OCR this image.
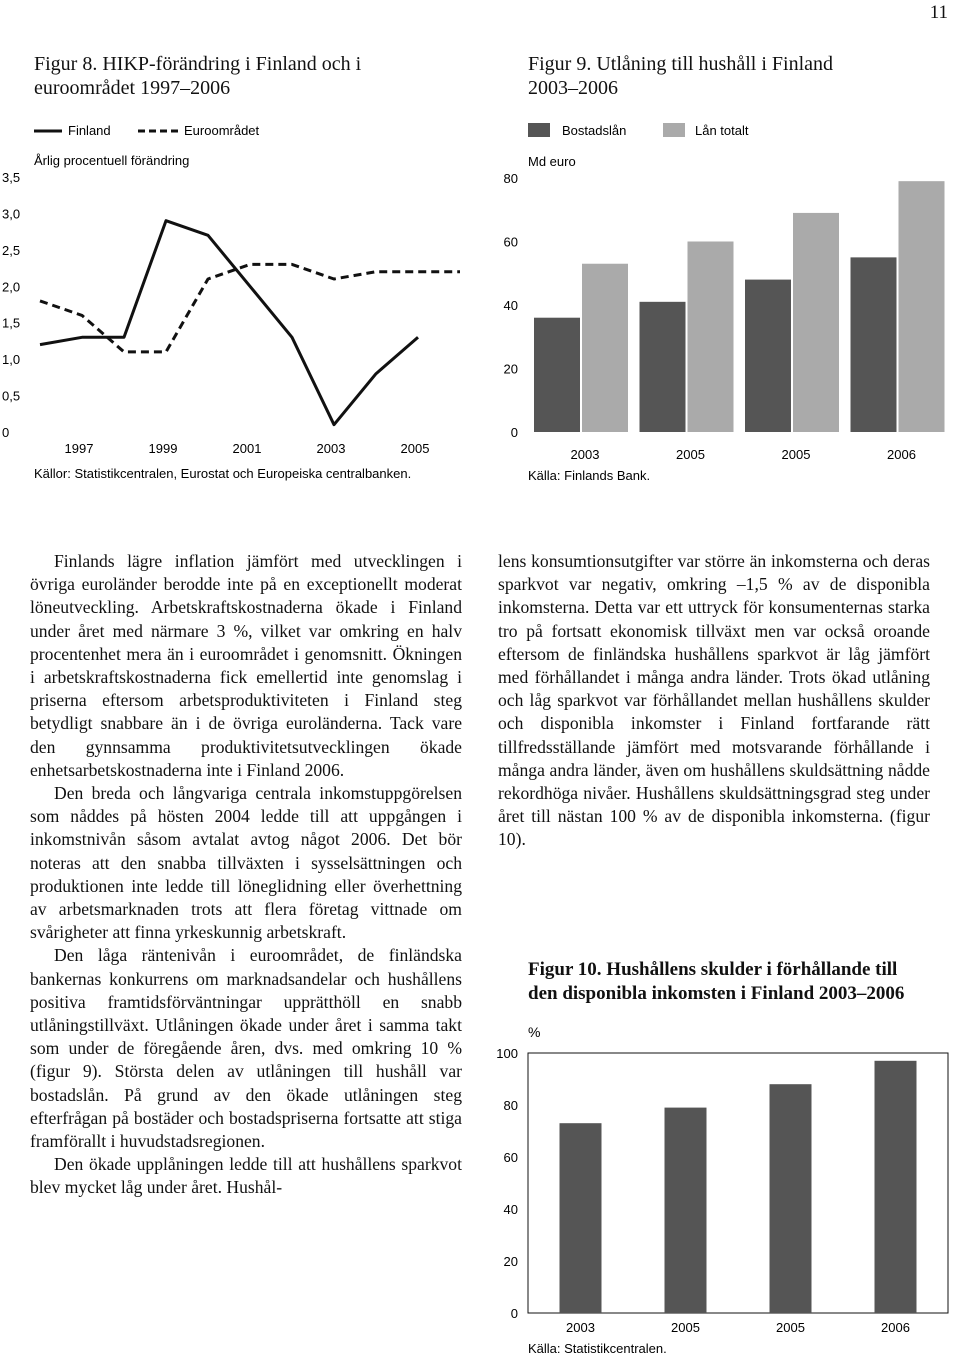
11
Figur 8. HIKP-förändring i Finland och i
euroområdet 1997–2006
Finland	Euroområdet
Årlig procentuell förändring
0
0,5
1,0
1,5
2,0
2,5
3,0
3,5
1997	1999	2001	2003	2005
Källor: Statistikcentralen, Eurostat och Europeiska centralbanken.
Figur 9. Utlåning till hushåll i Finland
2003–2006
Bostadslån	Lån totalt
Md euro
0
20
40
60
80
2003	2005	2005	2006
Källa: Finlands Bank.

Finlands lägre inflation jämfört med utvecklingen i övriga euroländer berodde inte på en exceptionellt moderat löneutveckling. Arbetskraftskostnaderna ökade i Finland under året med närmare 3 %, vilket var omkring en halv procentenhet mera än i euroområdet i genomsnitt. Ökningen i arbetskraftskostnaderna fick emellertid inte genomslag i priserna eftersom arbetsproduktiviteten i Finland steg betydligt snabbare än i de övriga euroländerna. Tack vare den gynnsamma produktivitetsutvecklingen ökade enhetsarbetskostnaderna inte i Finland 2006.

Den breda och långvariga centrala inkomstuppgörelsen som nåddes på hösten 2004 ledde till att uppgången i inkomstnivån såsom avtalat avtog något 2006. Det bör noteras att den snabba tillväxten i sysselsättningen och produktionen inte ledde till löneglidning eller överhettning av arbetsmarknaden trots att flera företag vittnade om svårigheter att finna yrkeskunnig arbetskraft.

Den låga räntenivån i euroområdet, de finländska bankernas konkurrens om marknadsandelar och hushållens positiva framtidsförväntningar upprätthöll en snabb utlåningstillväxt. Utlåningen ökade under året i samma takt som under de föregående åren, dvs. med omkring 10 % (figur 9). Största delen av utlåningen till hushåll var bostadslån. På grund av den ökade utlåningen steg efterfrågan på bostäder och bostadspriserna fortsatte att stiga framförallt i huvudstadsregionen.

Den ökade upplåningen ledde till att hushållens sparkvot blev mycket låg under året. Hushål-

lens konsumtionsutgifter var större än inkomsterna och deras sparkvot var negativ, omkring –1,5 % av de disponibla inkomsterna. Detta var ett uttryck för konsumenternas starka tro på fortsatt ekonomisk tillväxt men var också oroande eftersom de finländska hushållens sparkvot är låg jämfört med förhållandet i många andra länder. Trots ökad utlåning och låg sparkvot var förhållandet mellan hushållens skulder och disponibla inkomster i Finland fortfarande rätt tillfredsställande jämfört med motsvarande förhållande i många andra länder, även om hushållens skuldsättning nådde rekordhöga nivåer. Hushållens skuldsättningsgrad steg under året till nästan 100 % av de disponibla inkomsterna. (figur 10).

Figur 10. Hushållens skulder i förhållande till
den disponibla inkomsten i Finland 2003–2006
%
0
20
40
60
80
100
2003	2005	2005	2006
Källa: Statistikcentralen.
